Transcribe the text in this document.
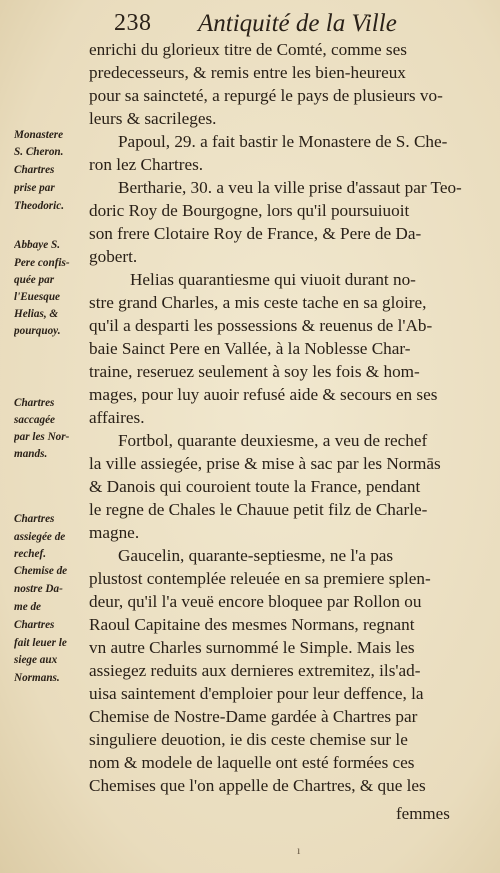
238 Antiquité de la Ville
enrichi du glorieux titre de Comté, comme ses
predecesseurs, & remis entre les bien-heureux
pour sa saincteté, a repurgé le pays de plusieurs vo-
leurs & sacrileges.
Papoul, 29. a fait bastir le Monastere de S. Che-
ron lez Chartres.
Bertharie, 30. a veu la ville prise d'assaut par Teo-
doric Roy de Bourgogne, lors qu'il poursuiuoit
son frere Clotaire Roy de France, & Pere de Da-
gobert.
Helias quarantiesme qui viuoit durant no-
stre grand Charles, a mis ceste tache en sa gloire,
qu'il a desparti les possessions & reuenus de l'Ab-
baie Sainct Pere en Vallée, à la Noblesse Char-
traine, reseruez seulement à soy les fois & hom-
mages, pour luy auoir refusé aide & secours en ses
affaires.
Fortbol, quarante deuxiesme, a veu de rechef
la ville assiegée, prise & mise à sac par les Normās
& Danois qui couroient toute la France, pendant
le regne de Chales le Chauue petit filz de Charle-
magne.
Gaucelin, quarante-septiesme, ne l'a pas
plustost contemplée releuée en sa premiere splen-
deur, qu'il l'a veuë encore bloquee par Rollon ou
Raoul Capitaine des mesmes Normans, regnant
vn autre Charles surnommé le Simple. Mais les
assiegez reduits aux dernieres extremitez, ils'ad-
uisa saintement d'emploier pour leur deffence, la
Chemise de Nostre-Dame gardée à Chartres par
singuliere deuotion, ie dis ceste chemise sur le
nom & modele de laquelle ont esté formées ces
Chemises que l'on appelle de Chartres, & que les
Monastere
S. Cheron.
Chartres
prise par
Theodoric.
Abbaye S.
Pere confis-
quée par
l'Euesque
Helias, &
pourquoy.
Chartres
saccagée
par les Nor-
mands.
Chartres
assiegée de
rechef.
Chemise de
nostre Da-
me de
Chartres
fait leuer le
siege aux
Normans.
femmes
ı
